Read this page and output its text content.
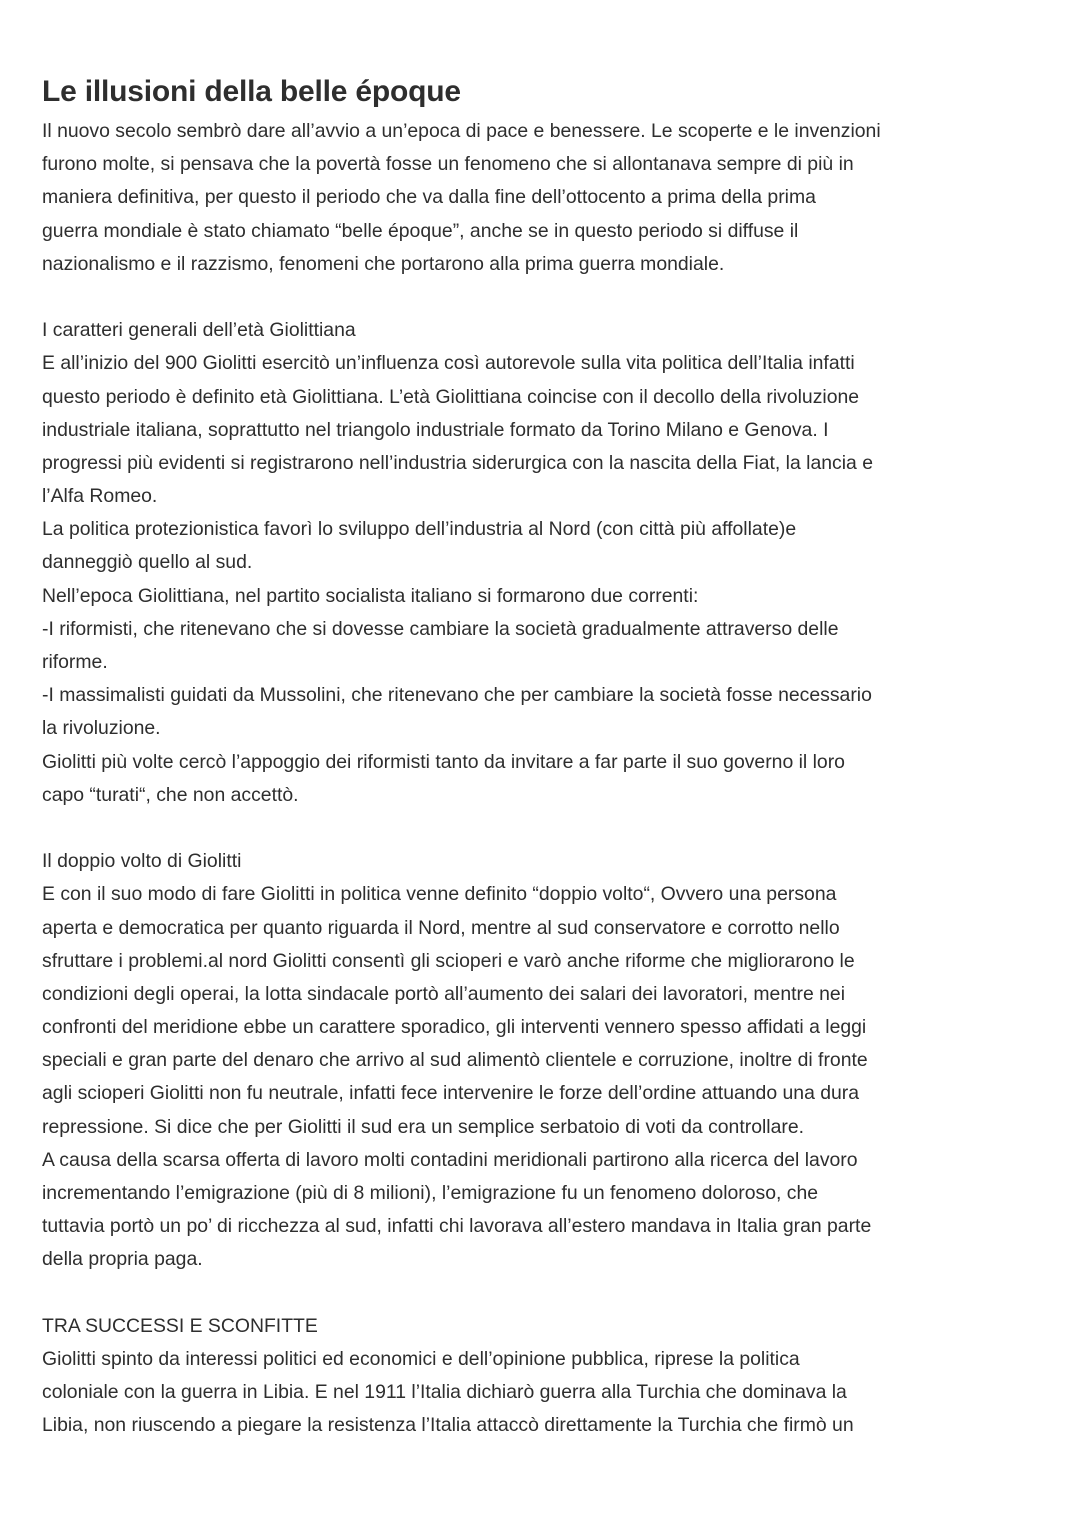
Le illusioni della belle époque
Il nuovo secolo sembrò dare all’avvio a un’epoca di pace e benessere. Le scoperte e le invenzioni
furono molte, si pensava che la povertà fosse un fenomeno che si allontanava sempre di più in
maniera definitiva, per questo il periodo che va dalla fine dell’ottocento a prima della prima
guerra mondiale è stato chiamato “belle époque”, anche se in questo periodo si diffuse il
nazionalismo e il razzismo, fenomeni che portarono alla prima guerra mondiale.
I caratteri generali dell’età Giolittiana
E all’inizio del 900 Giolitti esercitò un’influenza così autorevole sulla vita politica dell’Italia infatti
questo periodo è definito età Giolittiana. L’età Giolittiana coincise con il decollo della rivoluzione
industriale italiana, soprattutto nel triangolo industriale formato da Torino Milano e Genova. I
progressi più evidenti si registrarono nell’industria siderurgica con la nascita della Fiat, la lancia e
l’Alfa Romeo.
La politica protezionistica favorì lo sviluppo dell’industria al Nord (con città più affollate)e
danneggiò quello al sud.
Nell’epoca Giolittiana, nel partito socialista italiano si formarono due correnti:
-I riformisti, che ritenevano che si dovesse cambiare la società gradualmente attraverso delle
riforme.
-I massimalisti guidati da Mussolini, che ritenevano che per cambiare la società fosse necessario
la rivoluzione.
Giolitti più volte cercò l’appoggio dei riformisti tanto da invitare a far parte il suo governo il loro
capo “turati“, che non accettò.
Il doppio volto di Giolitti
E con il suo modo di fare Giolitti in politica venne definito “doppio volto“, Ovvero una persona
aperta e democratica per quanto riguarda il Nord, mentre al sud conservatore e corrotto nello
sfruttare i problemi.al nord Giolitti consentì gli scioperi e varò anche riforme che migliorarono le
condizioni degli operai, la lotta sindacale portò all’aumento dei salari dei lavoratori, mentre nei
confronti del meridione ebbe un carattere sporadico, gli interventi vennero spesso affidati a leggi
speciali e gran parte del denaro che arrivo al sud alimentò clientele e corruzione, inoltre di fronte
agli scioperi Giolitti non fu neutrale, infatti fece intervenire le forze dell’ordine attuando una dura
repressione. Si dice che per Giolitti il sud era un semplice serbatoio di voti da controllare.
A causa della scarsa offerta di lavoro molti contadini meridionali partirono alla ricerca del lavoro
incrementando l’emigrazione (più di 8 milioni), l’emigrazione fu un fenomeno doloroso, che
tuttavia portò un po’ di ricchezza al sud, infatti chi lavorava all’estero mandava in Italia gran parte
della propria paga.
TRA SUCCESSI E SCONFITTE
Giolitti spinto da interessi politici ed economici e dell’opinione pubblica, riprese la politica
coloniale con la guerra in Libia. E nel 1911 l’Italia dichiarò guerra alla Turchia che dominava la
Libia, non riuscendo a piegare la resistenza l’Italia attaccò direttamente la Turchia che firmò un
